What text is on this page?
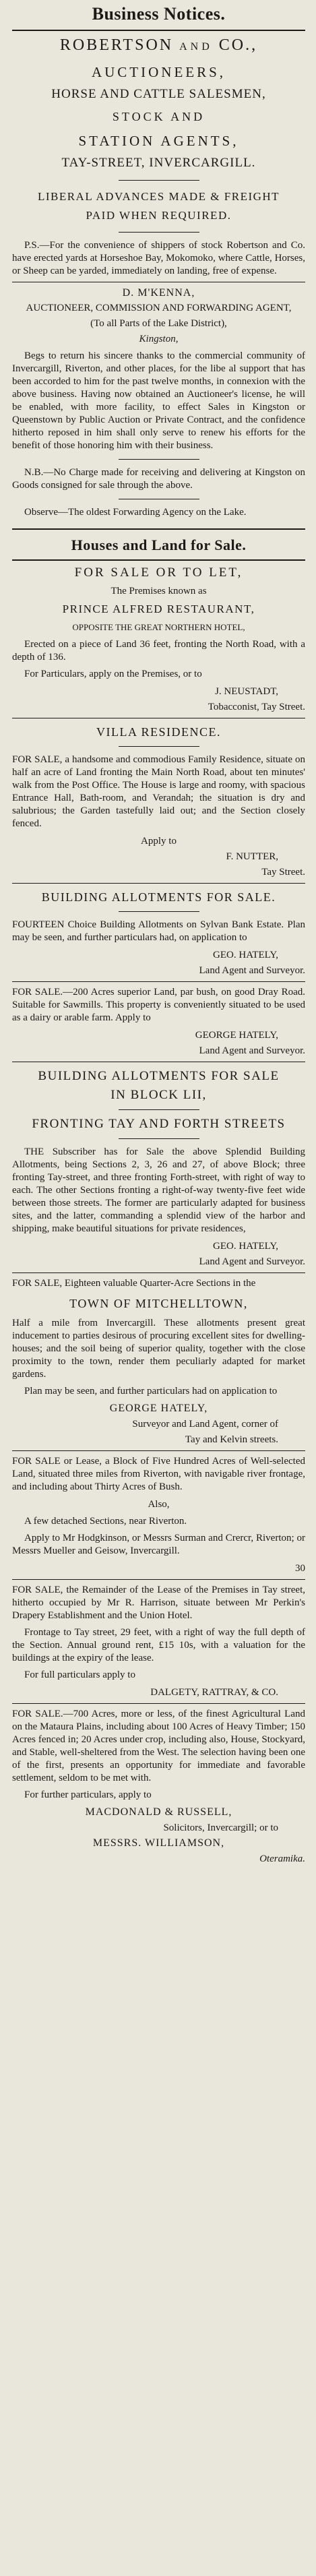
Business Notices.
ROBERTSON AND CO.,
AUCTIONEERS,
HORSE AND CATTLE SALESMEN,
STOCK AND
STATION AGENTS,
TAY-STREET, INVERCARGILL.
LIBERAL ADVANCES MADE & FREIGHT
PAID WHEN REQUIRED.

P.S.—For the convenience of shippers of stock Robertson and Co. have erected yards at Horseshoe Bay, Mokomoko, where Cattle, Horses, or Sheep can be yarded, immediately on landing, free of expense.

D. M'KENNA,

AUCTIONEER, COMMISSION AND FORWARDING AGENT,

(To all Parts of the Lake District),
Kingston,

Begs to return his sincere thanks to the commercial community of Invercargill, Riverton, and other places, for the libe al support that has been accorded to him for the past twelve months, in connexion with the above business. Having now obtained an Auctioneer's license, he will be enabled, with more facility, to effect Sales in Kingston or Queenstown by Public Auction or Private Contract, and the confidence hitherto reposed in him shall only serve to renew his efforts for the benefit of those honoring him with their business.

N.B.—No Charge made for receiving and delivering at Kingston on Goods consigned for sale through the above.

Observe—The oldest Forwarding Agency on the Lake.

Houses and Land for Sale.
FOR SALE OR TO LET,
The Premises known as
PRINCE ALFRED RESTAURANT,
OPPOSITE THE GREAT NORTHERN HOTEL,

Erected on a piece of Land 36 feet, fronting the North Road, with a depth of 136.

For Particulars, apply on the Premises, or to

J. NEUSTADT,
Tobacconist, Tay Street.
VILLA RESIDENCE.

FOR SALE, a handsome and commodious Family Residence, situate on half an acre of Land fronting the Main North Road, about ten minutes' walk from the Post Office. The House is large and roomy, with spacious Entrance Hall, Bath-room, and Verandah; the situation is dry and salubrious; the Garden tastefully laid out; and the Section closely fenced.

Apply to
F. NUTTER,
Tay Street.
BUILDING ALLOTMENTS FOR SALE.

FOURTEEN Choice Building Allotments on Sylvan Bank Estate. Plan may be seen, and further particulars had, on application to

GEO. HATELY,
Land Agent and Surveyor.

FOR SALE.—200 Acres superior Land, par bush, on good Dray Road. Suitable for Sawmills. This property is conveniently situated to be used as a dairy or arable farm. Apply to

GEORGE HATELY,
Land Agent and Surveyor.
BUILDING ALLOTMENTS FOR SALE
IN BLOCK LII,
FRONTING TAY AND FORTH STREETS

THE Subscriber has for Sale the above Splendid Building Allotments, being Sections 2, 3, 26 and 27, of above Block; three fronting Tay-street, and three fronting Forth-street, with right of way to each. The other Sections fronting a right-of-way twenty-five feet wide between those streets. The former are particularly adapted for business sites, and the latter, commanding a splendid view of the harbor and shipping, make beautiful situations for private residences,

GEO. HATELY,
Land Agent and Surveyor.

FOR SALE, Eighteen valuable Quarter-Acre Sections in the

TOWN OF MITCHELLTOWN,

Half a mile from Invercargill. These allotments present great inducement to parties desirous of procuring excellent sites for dwelling-houses; and the soil being of superior quality, together with the close proximity to the town, render them peculiarly adapted for market gardens.

Plan may be seen, and further particulars had on application to

GEORGE HATELY,
Surveyor and Land Agent, corner of
Tay and Kelvin streets.

FOR SALE or Lease, a Block of Five Hundred Acres of Well-selected Land, situated three miles from Riverton, with navigable river frontage, and including about Thirty Acres of Bush.

Also,

A few detached Sections, near Riverton.

Apply to Mr Hodgkinson, or Messrs Surman and Crercr, Riverton; or Messrs Mueller and Geisow, Invercargill.

30

FOR SALE, the Remainder of the Lease of the Premises in Tay street, hitherto occupied by Mr R. Harrison, situate between Mr Perkin's Drapery Establishment and the Union Hotel.

Frontage to Tay street, 29 feet, with a right of way the full depth of the Section. Annual ground rent, £15 10s, with a valuation for the buildings at the expiry of the lease.

For full particulars apply to

DALGETY, RATTRAY, & CO.

FOR SALE.—700 Acres, more or less, of the finest Agricultural Land on the Mataura Plains, including about 100 Acres of Heavy Timber; 150 Acres fenced in; 20 Acres under crop, including also, House, Stockyard, and Stable, well-sheltered from the West. The selection having been one of the first, presents an opportunity for immediate and favorable settlement, seldom to be met with.

For further particulars, apply to

MACDONALD & RUSSELL,
Solicitors, Invercargill; or to
MESSRS. WILLIAMSON,
Oteramika.
